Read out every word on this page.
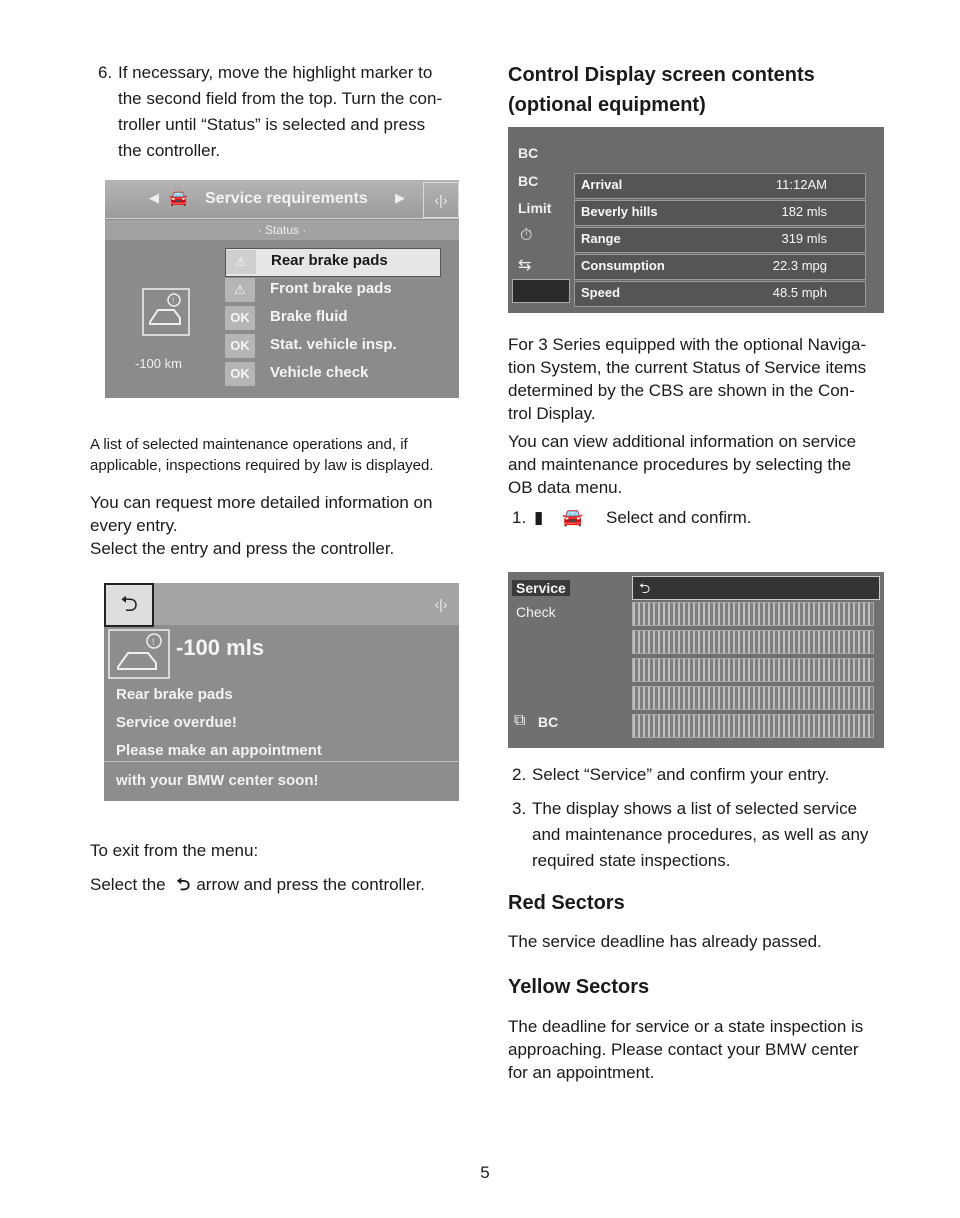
6. If necessary, move the highlight marker to
the second field from the top. Turn the con-
troller until “Status” is selected and press
the controller.
◀ 🚘 Service requirements ▶	‹|›
· Status ·
!
-100 km
⚠	Rear brake pads
⚠	Front brake pads
OK	Brake fluid
OK	Stat. vehicle insp.
OK	Vehicle check

A list of selected maintenance operations and, if
applicable, inspections required by law is displayed.

You can request more detailed information on
every entry.
Select the entry and press the controller.

⮌	‹|›
! -100 mls
Rear brake pads
Service overdue!
Please make an appointment
with your BMW center soon!

To exit from the menu:

Select the ⮌ arrow and press the controller.

Control Display screen contents
(optional equipment)
BC
BC
Limit
⏱
⇆
Arrival	11:12AM
Beverly hills	182 mls
Range	319 mls
Consumption	22.3 mpg
Speed	48.5 mph

For 3 Series equipped with the optional Naviga-
tion System, the current Status of Service items
determined by the CBS are shown in the Con-
trol Display.

You can view additional information on service
and maintenance procedures by selecting the
OB data menu.

1. ▮ 🚘 Select and confirm.
Service
Check
⮌
⧉ BC
2. Select “Service” and confirm your entry.
3. The display shows a list of selected service
and maintenance procedures, as well as any
required state inspections.
Red Sectors

The service deadline has already passed.

Yellow Sectors

The deadline for service or a state inspection is
approaching. Please contact your BMW center
for an appointment.

5
